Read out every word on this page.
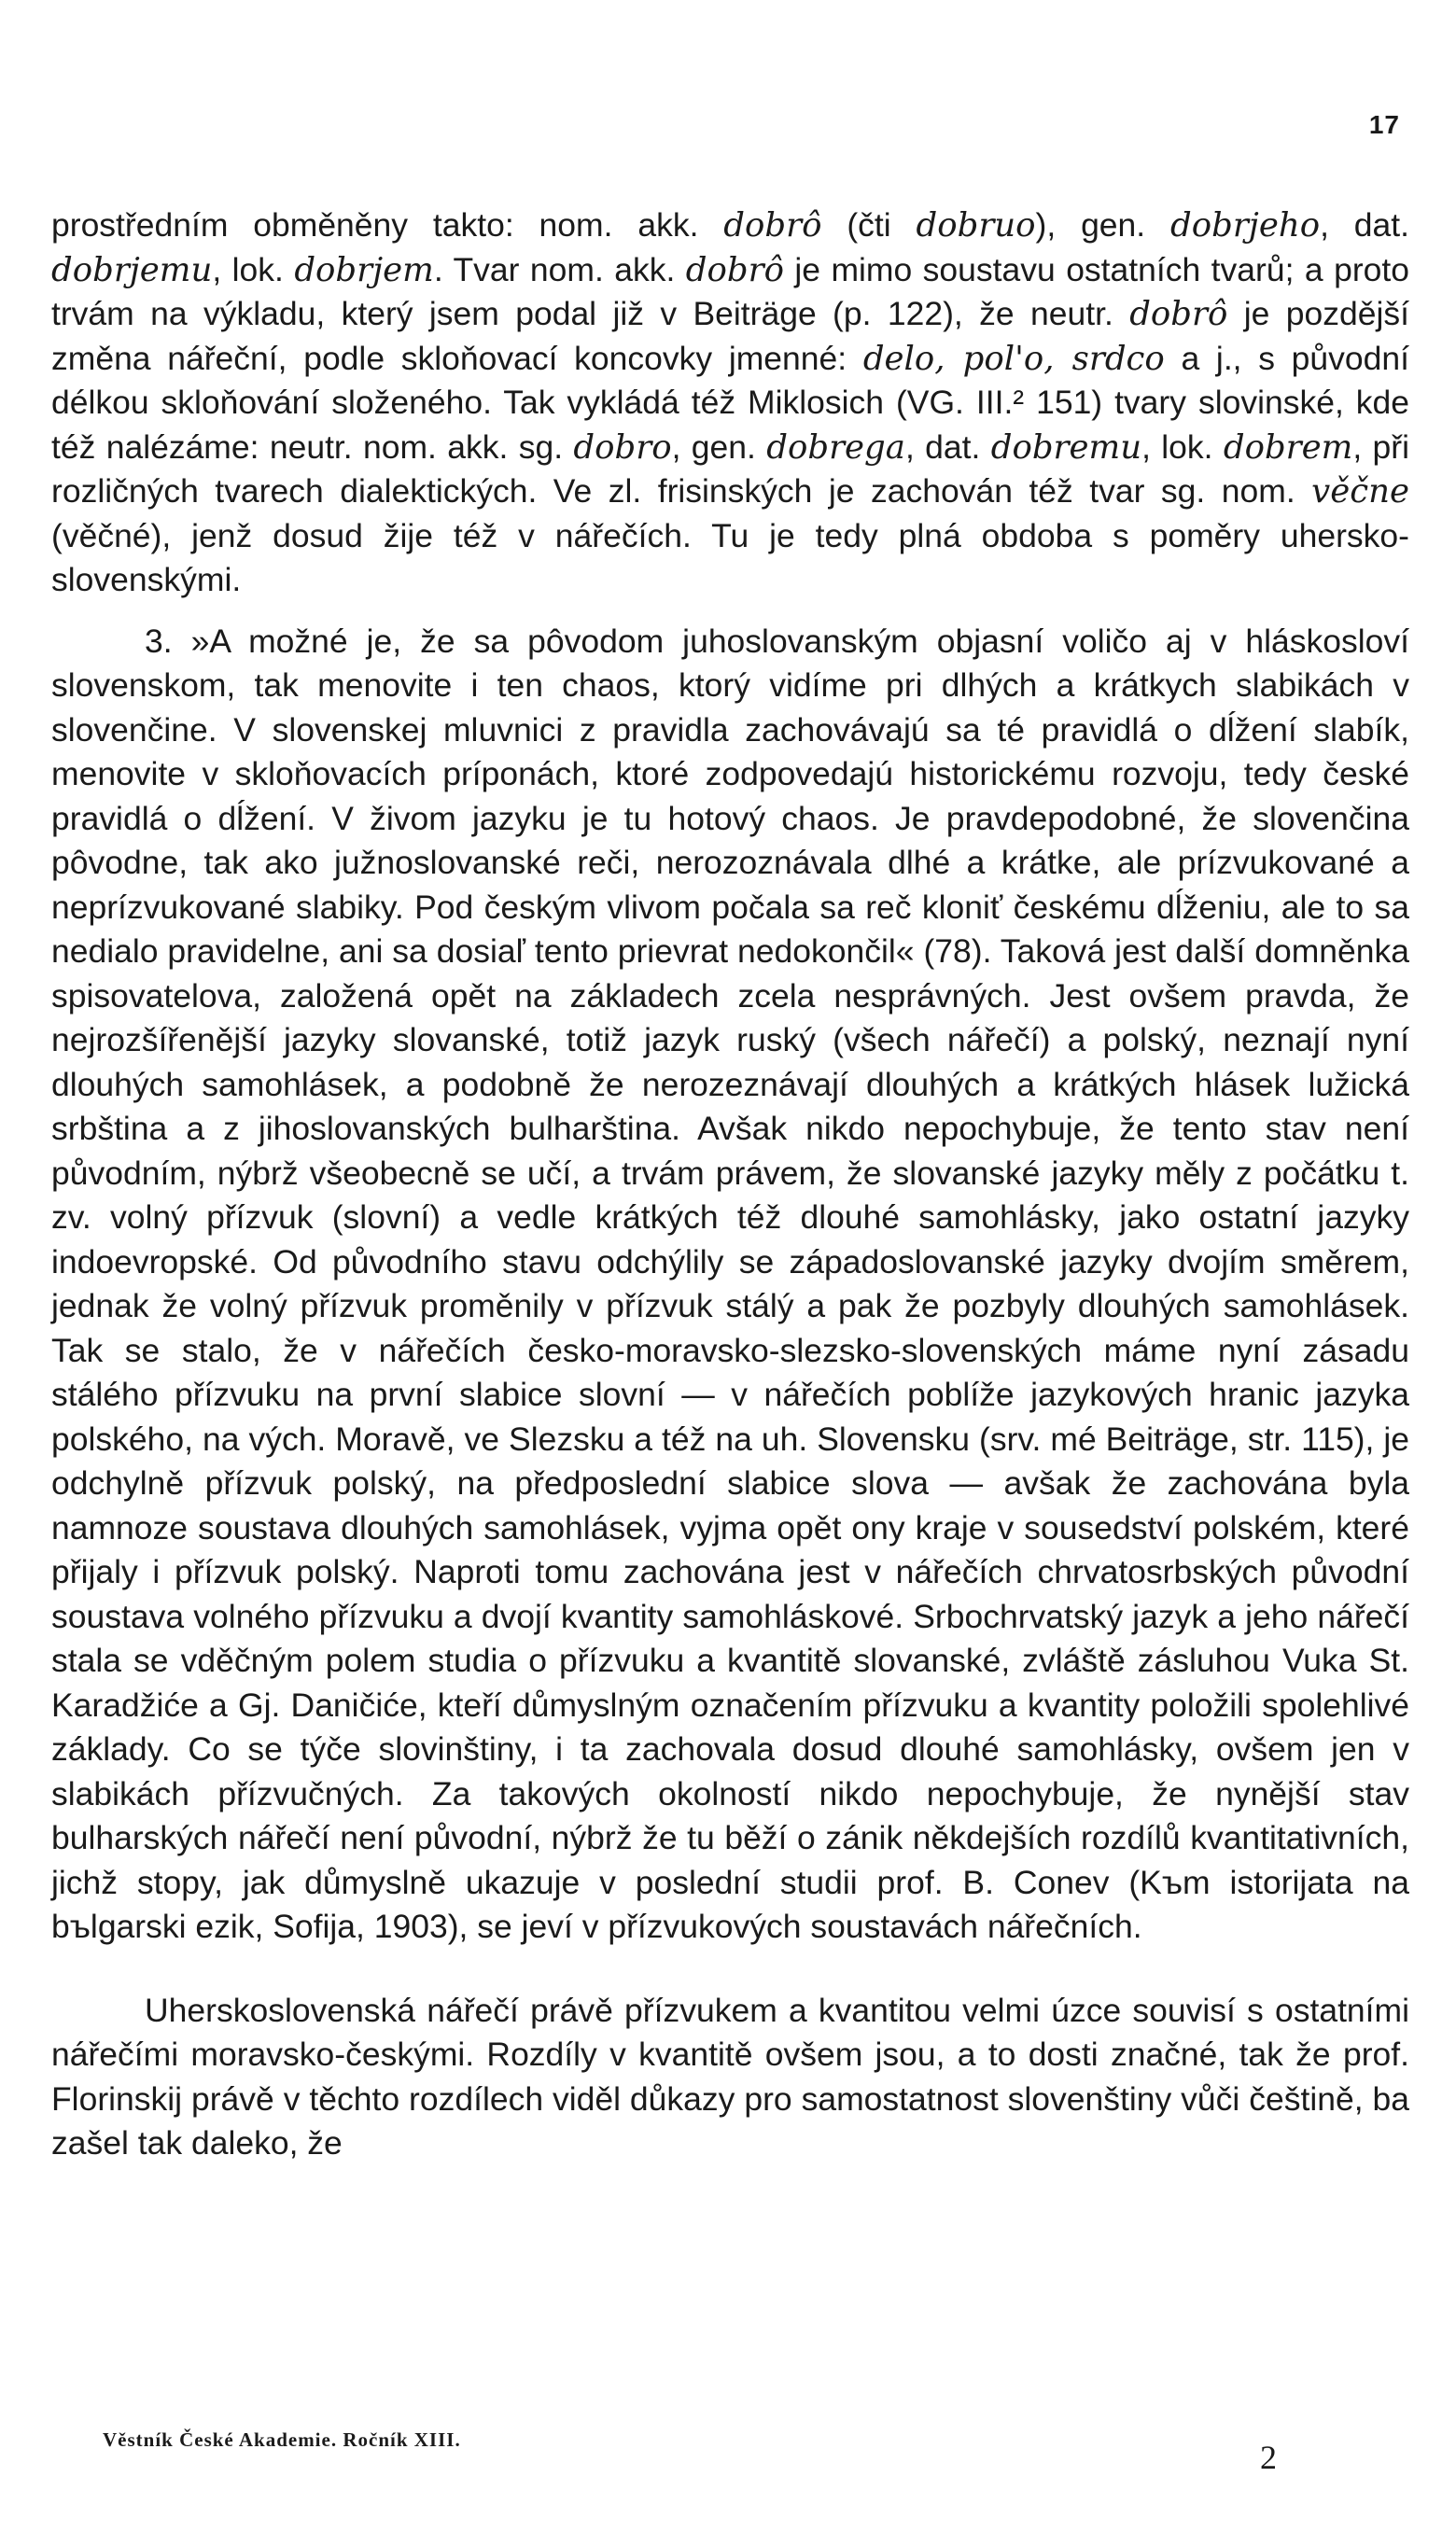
17

prostředním obměněny takto: nom. akk. dobrô (čti dobruo), gen. dobrjeho, dat. dobrjemu, lok. dobrjem. Tvar nom. akk. dobrô je mimo soustavu ostatních tvarů; a proto trvám na výkladu, který jsem podal již v Beiträge (p. 122), že neutr. dobrô je pozdější změna nářeční, podle skloňovací koncovky jmenné: delo, pol'o, srdco a j., s původní délkou skloňování složeného. Tak vykládá též Miklosich (VG. III.² 151) tvary slovinské, kde též nalézáme: neutr. nom. akk. sg. dobro, gen. dobrega, dat. dobremu, lok. dobrem, při rozličných tvarech dialektických. Ve zl. frisinských je zachován též tvar sg. nom. věčne (věčné), jenž dosud žije též v nářečích. Tu je tedy plná obdoba s poměry uhersko-slovenskými.

3. »A možné je, že sa pôvodom juhoslovanským objasní voličo aj v hláskosloví slovenskom, tak menovite i ten chaos, ktorý vidíme pri dlhých a krátkych slabikách v slovenčine. V slovenskej mluvnici z pravidla zachovávajú sa té pravidlá o dĺžení slabík, menovite v skloňovacích príponách, ktoré zodpovedajú historickému rozvoju, tedy české pravidlá o dĺžení. V živom jazyku je tu hotový chaos. Je pravdepodobné, že slovenčina pôvodne, tak ako južnoslovanské reči, nerozoznávala dlhé a krátke, ale prízvukované a neprízvukované slabiky. Pod českým vlivom počala sa reč kloniť českému dĺženiu, ale to sa nedialo pravidelne, ani sa dosiaľ tento prievrat nedokončil« (78). Taková jest další domněnka spisovatelova, založená opět na základech zcela nesprávných. Jest ovšem pravda, že nejrozšířenější jazyky slovanské, totiž jazyk ruský (všech nářečí) a polský, neznají nyní dlouhých samohlásek, a podobně že nerozeznávají dlouhých a krátkých hlásek lužická srbština a z jihoslovanských bulharština. Avšak nikdo nepochybuje, že tento stav není původním, nýbrž všeobecně se učí, a trvám právem, že slovanské jazyky měly z počátku t. zv. volný přízvuk (slovní) a vedle krátkých též dlouhé samohlásky, jako ostatní jazyky indoevropské. Od původního stavu odchýlily se západoslovanské jazyky dvojím směrem, jednak že volný přízvuk proměnily v přízvuk stálý a pak že pozbyly dlouhých samohlásek. Tak se stalo, že v nářečích česko-moravsko-slezsko-slovenských máme nyní zásadu stálého přízvuku na první slabice slovní — v nářečích poblíže jazykových hranic jazyka polského, na vých. Moravě, ve Slezsku a též na uh. Slovensku (srv. mé Beiträge, str. 115), je odchylně přízvuk polský, na předposlední slabice slova — avšak že zachována byla namnoze soustava dlouhých samohlásek, vyjma opět ony kraje v sousedství polském, které přijaly i přízvuk polský. Naproti tomu zachována jest v nářečích chrvatosrbských původní soustava volného přízvuku a dvojí kvantity samohláskové. Srbochrvatský jazyk a jeho nářečí stala se vděčným polem studia o přízvuku a kvantitě slovanské, zvláště zásluhou Vuka St. Karadžiće a Gj. Daničiće, kteří důmyslným označením přízvuku a kvantity položili spolehlivé základy. Co se týče slovinštiny, i ta zachovala dosud dlouhé samohlásky, ovšem jen v slabikách přízvučných. Za takových okolností nikdo nepochybuje, že nynější stav bulharských nářečí není původní, nýbrž že tu běží o zánik někdejších rozdílů kvantitativních, jichž stopy, jak důmyslně ukazuje v poslední studii prof. B. Conev (Kъm istorijata na bъlgarski ezik, Sofija, 1903), se jeví v přízvukových soustavách nářečních.

Uherskoslovenská nářečí právě přízvukem a kvantitou velmi úzce souvisí s ostatními nářečími moravsko-českými. Rozdíly v kvantitě ovšem jsou, a to dosti značné, tak že prof. Florinskij právě v těchto rozdílech viděl důkazy pro samostatnost slovenštiny vůči češtině, ba zašel tak daleko, že

Věstník České Akademie. Ročník XIII.	2
